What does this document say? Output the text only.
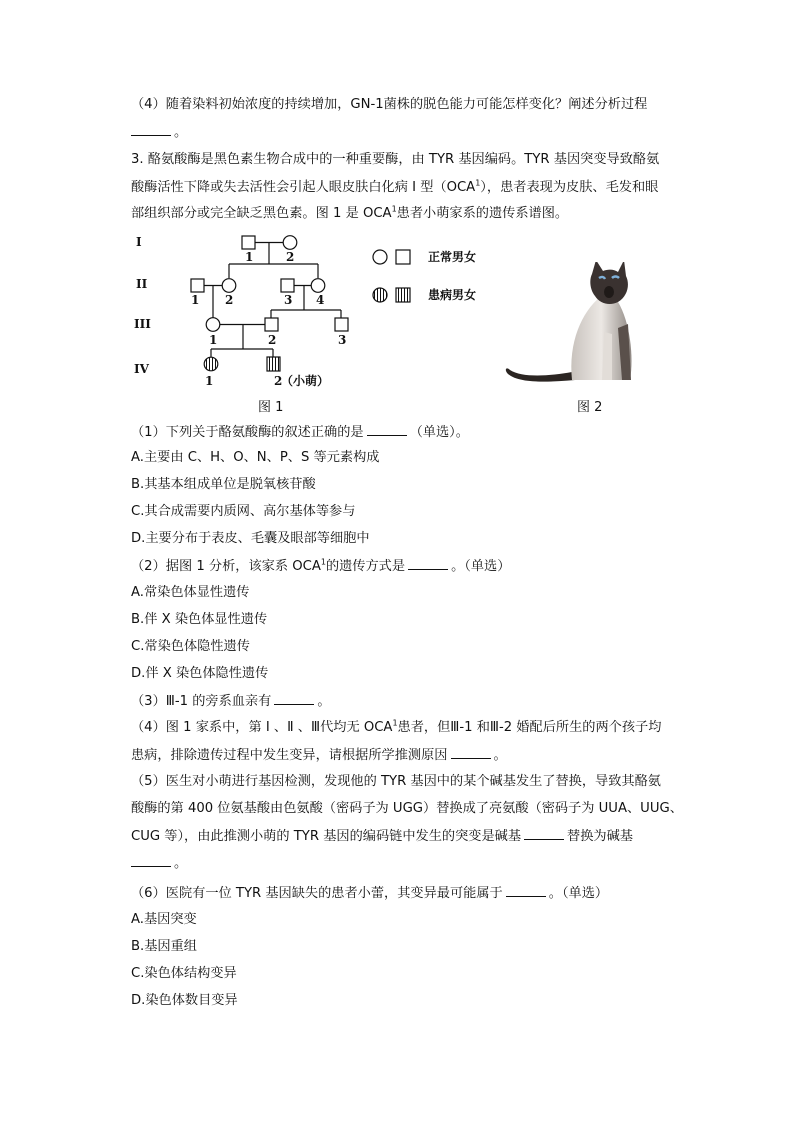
（4）随着染料初始浓度的持续增加，GN-1菌株的脱色能力可能怎样变化？阐述分析过程
。
3. 酪氨酸酶是黑色素生物合成中的一种重要酶，由 TYR 基因编码。TYR 基因突变导致酪氨
酸酶活性下降或失去活性会引起人眼皮肤白化病 I 型（OCA$^1$），患者表现为皮肤、毛发和眼
部组织部分或完全缺乏黑色素。图 1 是 OCA$^1$患者小萌家系的遗传系谱图。
I
II
III
IV
1	2
1 2	3 4
1	2	3
1	2
（小萌）
正常男女
患病男女
图 1	图 2
（1）下列关于酪氨酸酶的叙述正确的是	（单选）。
A.主要由 C、H、O、N、P、S 等元素构成
B.其基本组成单位是脱氧核苷酸
C.其合成需要内质网、高尔基体等参与
D.主要分布于表皮、毛囊及眼部等细胞中
（2）据图 1 分析，该家系 OCA$^1$的遗传方式是	。（单选）
A.常染色体显性遗传
B.伴 X 染色体显性遗传
C.常染色体隐性遗传
D.伴 X 染色体隐性遗传
（3）Ⅲ-1 的旁系血亲有	。
（4）图 1 家系中，第 Ⅰ 、Ⅱ 、Ⅲ代均无 OCA$^1$患者，但Ⅲ-1 和Ⅲ-2 婚配后所生的两个孩子均
患病，排除遗传过程中发生变异，请根据所学推测原因	。
（5）医生对小萌进行基因检测，发现他的 TYR 基因中的某个碱基发生了替换，导致其酪氨
酸酶的第 400 位氨基酸由色氨酸（密码子为 UGG）替换成了亮氨酸（密码子为 UUA、UUG、
CUG 等），由此推测小萌的 TYR 基因的编码链中发生的突变是碱基	替换为碱基
。
（6）医院有一位 TYR 基因缺失的患者小蕾，其变异最可能属于	。（单选）
A.基因突变
B.基因重组
C.染色体结构变异
D.染色体数目变异
